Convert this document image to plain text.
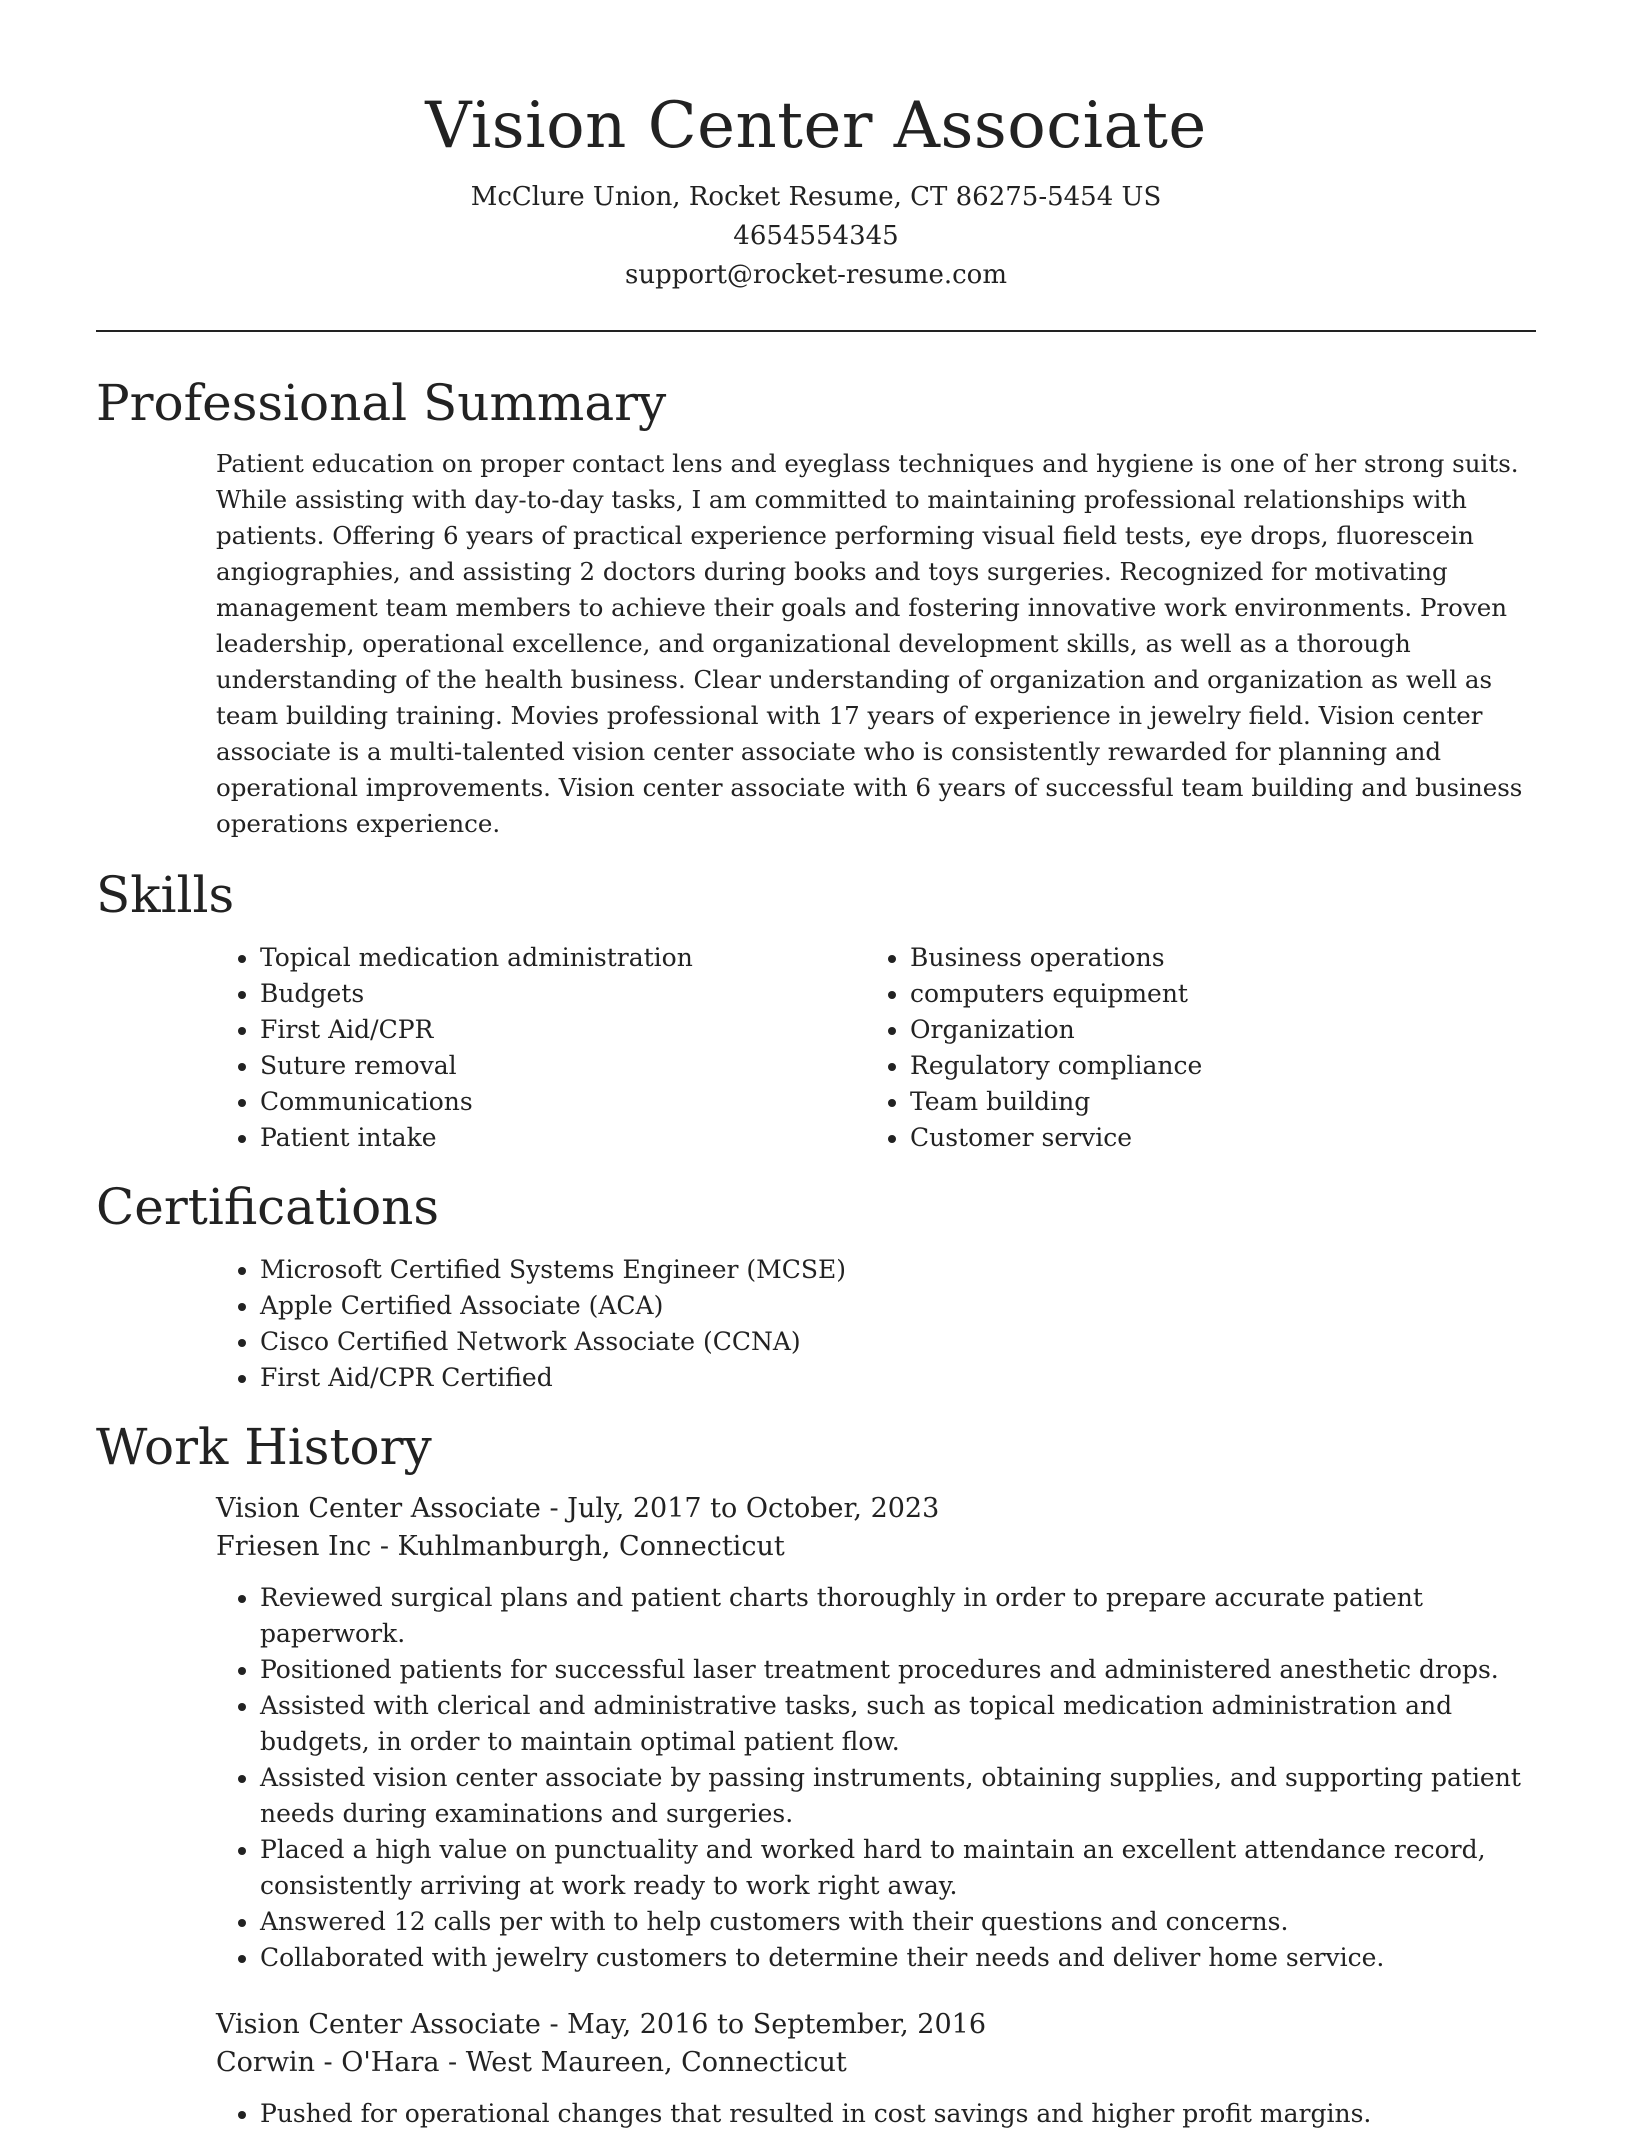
Vision Center Associate

McClure Union, Rocket Resume, CT 86275-5454 US

4654554345

support@rocket-resume.com

Professional Summary

Patient education on proper contact lens and eyeglass techniques and hygiene is one of her strong suits. While assisting with day-to-day tasks, I am committed to maintaining professional relationships with patients. Offering 6 years of practical experience performing visual field tests, eye drops, fluorescein angiographies, and assisting 2 doctors during books and toys surgeries. Recognized for motivating management team members to achieve their goals and fostering innovative work environments. Proven leadership, operational excellence, and organizational development skills, as well as a thorough understanding of the health business. Clear understanding of organization and organization as well as team building training. Movies professional with 17 years of experience in jewelry field. Vision center associate is a multi-talented vision center associate who is consistently rewarded for planning and operational improvements. Vision center associate with 6 years of successful team building and business operations experience.

Skills
• Topical medication administration
• Budgets
• First Aid/CPR
• Suture removal
• Communications
• Patient intake
• Business operations
• computers equipment
• Organization
• Regulatory compliance
• Team building
• Customer service
Certifications
• Microsoft Certified Systems Engineer (MCSE)
• Apple Certified Associate (ACA)
• Cisco Certified Network Associate (CCNA)
• First Aid/CPR Certified
Work History

Vision Center Associate - July, 2017 to October, 2023

Friesen Inc - Kuhlmanburgh, Connecticut

• Reviewed surgical plans and patient charts thoroughly in order to prepare accurate patient paperwork.
• Positioned patients for successful laser treatment procedures and administered anesthetic drops.
• Assisted with clerical and administrative tasks, such as topical medication administration and budgets, in order to maintain optimal patient flow.
• Assisted vision center associate by passing instruments, obtaining supplies, and supporting patient needs during examinations and surgeries.
• Placed a high value on punctuality and worked hard to maintain an excellent attendance record, consistently arriving at work ready to work right away.
• Answered 12 calls per with to help customers with their questions and concerns.
• Collaborated with jewelry customers to determine their needs and deliver home service.

Vision Center Associate - May, 2016 to September, 2016

Corwin - O'Hara - West Maureen, Connecticut

• Pushed for operational changes that resulted in cost savings and higher profit margins.
